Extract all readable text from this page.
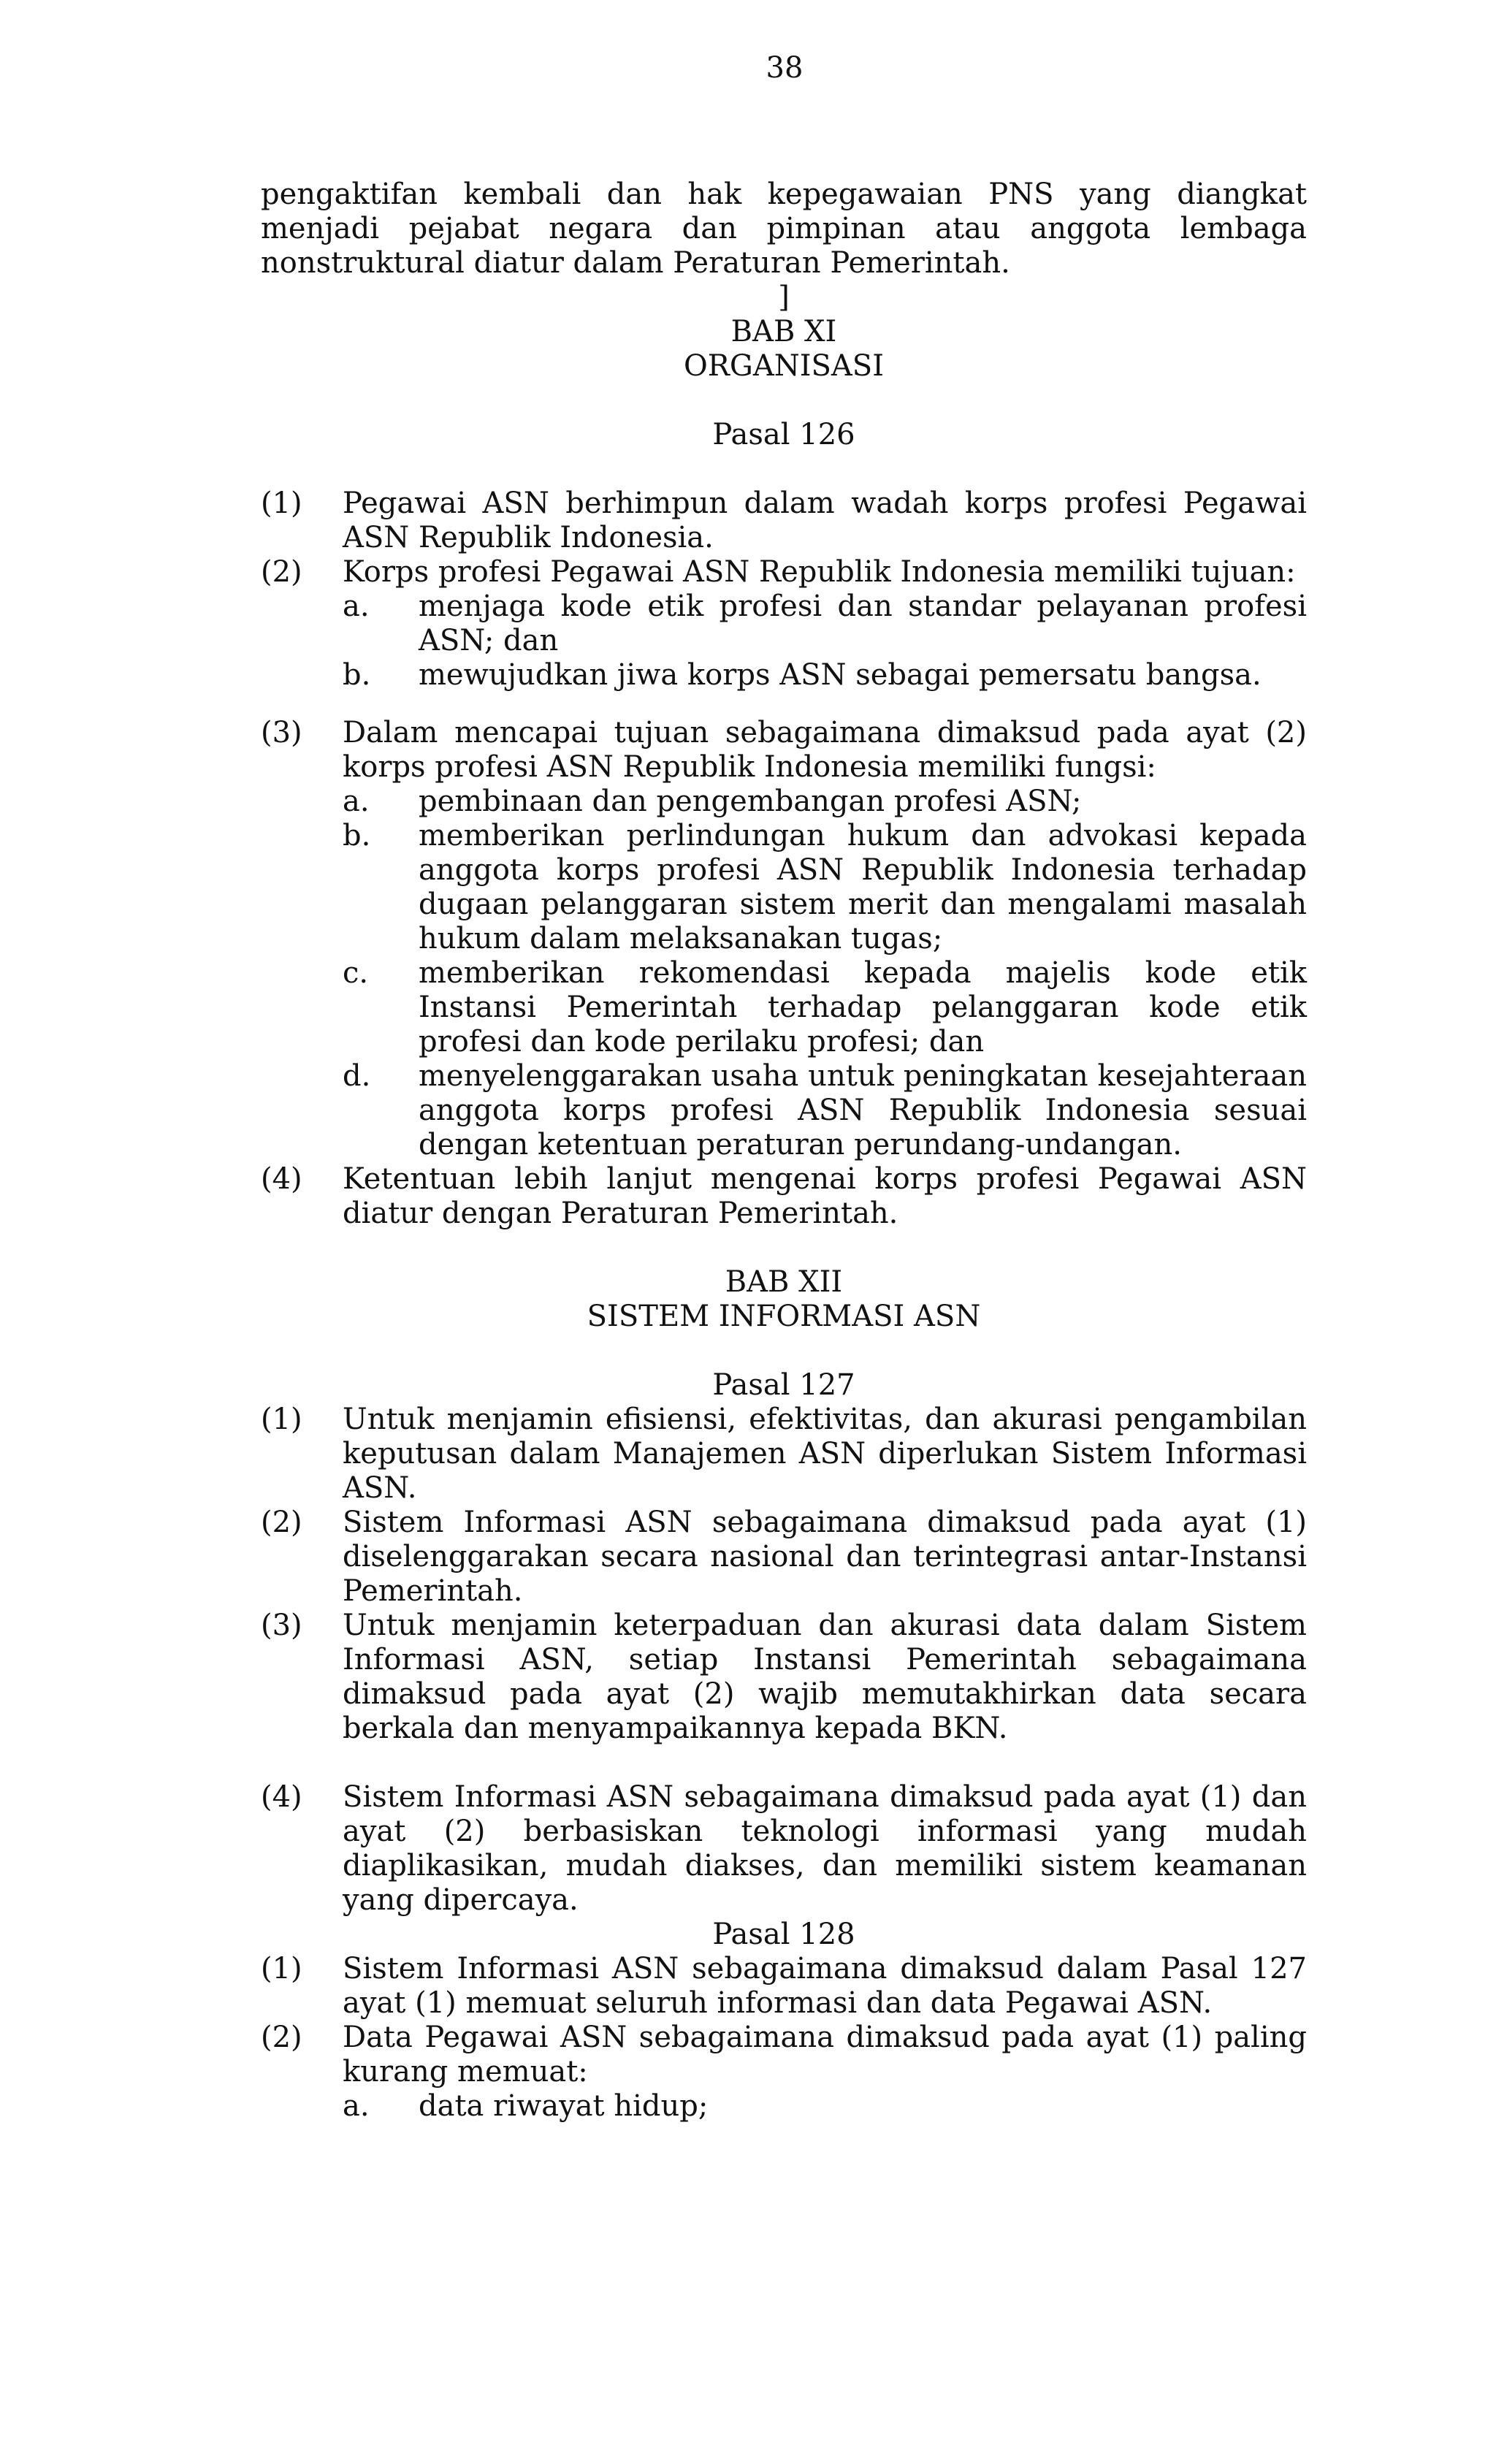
38
pengaktifan kembali dan hak kepegawaian PNS yang diangkat menjadi pejabat negara dan pimpinan atau anggota lembaga nonstruktural diatur dalam Peraturan Pemerintah.
]
BAB XI
ORGANISASI
Pasal 126
(1)	Pegawai ASN berhimpun dalam wadah korps profesi Pegawai ASN Republik Indonesia.
(2)	Korps profesi Pegawai ASN Republik Indonesia memiliki tujuan:
a.	menjaga kode etik profesi dan standar pelayanan profesi ASN; dan
b.	mewujudkan jiwa korps ASN sebagai pemersatu bangsa.
(3)	Dalam mencapai tujuan sebagaimana dimaksud pada ayat (2) korps profesi ASN Republik Indonesia memiliki fungsi:
a.	pembinaan dan pengembangan profesi ASN;
b.	memberikan perlindungan hukum dan advokasi kepada anggota korps profesi ASN Republik Indonesia terhadap dugaan pelanggaran sistem merit dan mengalami masalah hukum dalam melaksanakan tugas;
c.	memberikan rekomendasi kepada majelis kode etik Instansi Pemerintah terhadap pelanggaran kode etik profesi dan kode perilaku profesi; dan
d.	menyelenggarakan usaha untuk peningkatan kesejahteraan anggota korps profesi ASN Republik Indonesia sesuai dengan ketentuan peraturan perundang-undangan.
(4)	Ketentuan lebih lanjut mengenai korps profesi Pegawai ASN diatur dengan Peraturan Pemerintah.
BAB XII
SISTEM INFORMASI ASN
Pasal 127
(1)	Untuk menjamin efisiensi, efektivitas, dan akurasi pengambilan keputusan dalam Manajemen ASN diperlukan Sistem Informasi ASN.
(2)	Sistem Informasi ASN sebagaimana dimaksud pada ayat (1) diselenggarakan secara nasional dan terintegrasi antar-Instansi Pemerintah.
(3)	Untuk menjamin keterpaduan dan akurasi data dalam Sistem Informasi ASN, setiap Instansi Pemerintah sebagaimana dimaksud pada ayat (2) wajib memutakhirkan data secara berkala dan menyampaikannya kepada BKN.
(4)	Sistem Informasi ASN sebagaimana dimaksud pada ayat (1) dan ayat (2) berbasiskan teknologi informasi yang mudah diaplikasikan, mudah diakses, dan memiliki sistem keamanan yang dipercaya.
Pasal 128
(1)	Sistem Informasi ASN sebagaimana dimaksud dalam Pasal 127 ayat (1) memuat seluruh informasi dan data Pegawai ASN.
(2)	Data Pegawai ASN sebagaimana dimaksud pada ayat (1) paling kurang memuat:
a.	data riwayat hidup;
